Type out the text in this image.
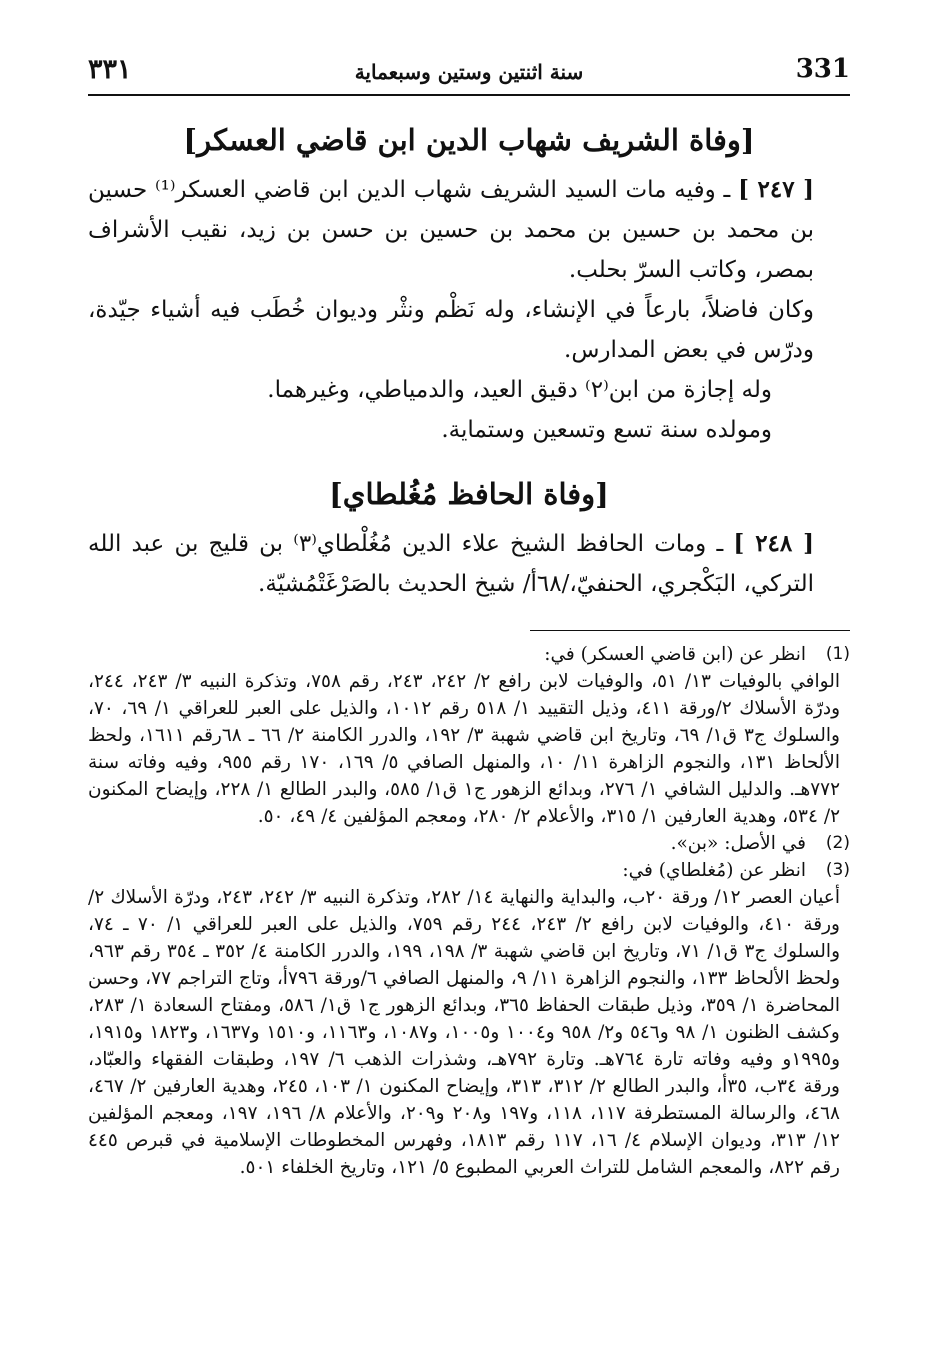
٣٣١	سنة اثنتين وستين وسبعماية	331
[وفاة الشريف شهاب الدين ابن قاضي العسكر]

[ ٢٤٧ ] ـ وفيه مات السيد الشريف شهاب الدين ابن قاضي العسكر⁽¹⁾ حسين بن محمد بن حسين بن محمد بن حسين بن حسن بن زيد، نقيب الأشراف بمصر، وكاتب السرّ بحلب.

وكان فاضلاً، بارعاً في الإنشاء، وله نَظْم ونثْر وديوان خُطَب فيه أشياء جيّدة، ودرّس في بعض المدارس.

وله إجازة من ابن⁽٢⁾ دقيق العيد، والدمياطي، وغيرهما.

ومولده سنة تسع وتسعين وستماية.

[وفاة الحافظ مُغُلطاي]

[ ٢٤٨ ] ـ ومات الحافظ الشيخ علاء الدين مُغُلْطاي⁽٣⁾ بن قليج بن عبد الله التركي، البَكْجري، الحنفيّ،/٦٨أ/ شيخ الحديث بالصَرْغَتْمُشيّة.

(1)
انظر عن (ابن قاضي العسكر) في:

الوافي بالوفيات ١٣/ ٥١، والوفيات لابن رافع ٢/ ٢٤٢، ٢٤٣، رقم ٧٥٨، وتذكرة النبيه ٣/ ٢٤٣، ٢٤٤، ودرّة الأسلاك ٢/ورقة ٤١١، وذيل التقييد ١/ ٥١٨ رقم ١٠١٢، والذيل على العبر للعراقي ١/ ٦٩، ٧٠، والسلوك ج٣ ق١/ ٦٩، وتاريخ ابن قاضي شهبة ٣/ ١٩٢، والدرر الكامنة ٢/ ٦٦ ـ ٦٨رقم ١٦١١، ولحظ الألحاظ ١٣١، والنجوم الزاهرة ١١/ ١٠، والمنهل الصافي ٥/ ١٦٩، ١٧٠ رقم ٩٥٥، وفيه وفاته سنة ٧٧٢هـ. والدليل الشافي ١/ ٢٧٦، وبدائع الزهور ج١ ق١/ ٥٨٥، والبدر الطالع ١/ ٢٢٨، وإيضاح المكنون ٢/ ٥٣٤، وهدية العارفين ١/ ٣١٥، والأعلام ٢/ ٢٨٠، ومعجم المؤلفين ٤/ ٤٩، ٥٠.

(2)
في الأصل: «بن».
(3)
انظر عن (مُغلطاي) في:

أعيان العصر ١٢/ ورقة ٢٠ب، والبداية والنهاية ١٤/ ٢٨٢، وتذكرة النبيه ٣/ ٢٤٢، ٢٤٣، ودرّة الأسلاك ٢/ ورقة ٤١٠، والوفيات لابن رافع ٢/ ٢٤٣، ٢٤٤ رقم ٧٥٩، والذيل على العبر للعراقي ١/ ٧٠ ـ ٧٤، والسلوك ج٣ ق١/ ٧١، وتاريخ ابن قاضي شهبة ٣/ ١٩٨، ١٩٩، والدرر الكامنة ٤/ ٣٥٢ ـ ٣٥٤ رقم ٩٦٣، ولحظ الألحاظ ١٣٣، والنجوم الزاهرة ١١/ ٩، والمنهل الصافي ٦/ورقة ٧٩٦أ، وتاج التراجم ٧٧، وحسن المحاضرة ١/ ٣٥٩، وذيل طبقات الحفاظ ٣٦٥، وبدائع الزهور ج١ ق١/ ٥٨٦، ومفتاح السعادة ١/ ٢٨٣، وكشف الظنون ١/ ٩٨ و٥٤٦ و٢/ ٩٥٨ و١٠٠٤ و١٠٠٥، و١٠٨٧، و١١٦٣، و١٥١٠ و١٦٣٧، و١٨٢٣ و١٩١٥، و١٩٩٥و وفيه وفاته تارة ٧٦٤هـ. وتارة ٧٩٢هـ، وشذرات الذهب ٦/ ١٩٧، وطبقات الفقهاء والعبّاد، ورقة ٣٤ب، ٣٥أ، والبدر الطالع ٢/ ٣١٢، ٣١٣، وإيضاح المكنون ١/ ١٠٣، ٢٤٥، وهدية العارفين ٢/ ٤٦٧، ٤٦٨، والرسالة المستطرفة ١١٧، ١١٨، و١٩٧ و٢٠٨ و٢٠٩، والأعلام ٨/ ١٩٦، ١٩٧، ومعجم المؤلفين ١٢/ ٣١٣، وديوان الإسلام ٤/ ١٦، ١١٧ رقم ١٨١٣، وفهرس المخطوطات الإسلامية في قبرص ٤٤٥ رقم ٨٢٢، والمعجم الشامل للتراث العربي المطبوع ٥/ ١٢١، وتاريخ الخلفاء ٥٠١.
